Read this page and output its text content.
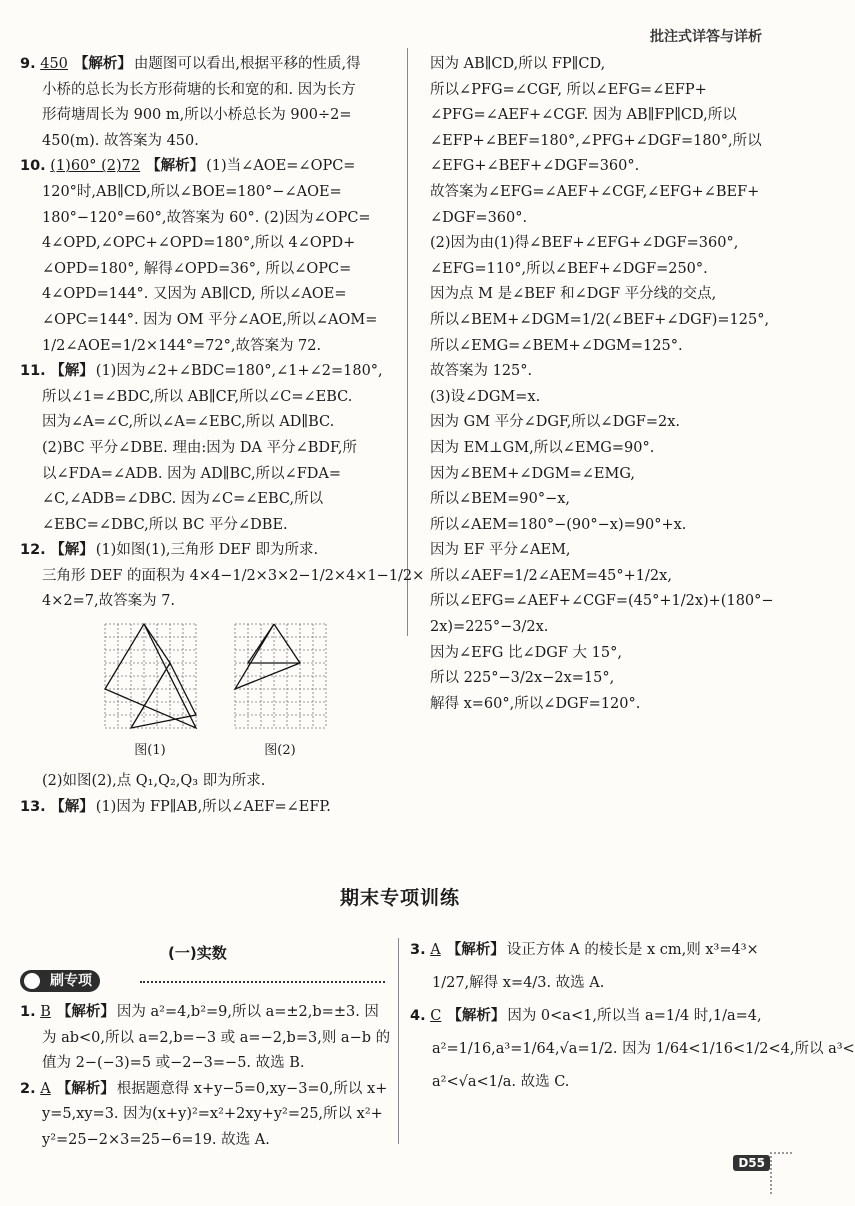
批注式详答与详析
9. 450 【解析】 由题图可以看出,根据平移的性质,得
小桥的总长为长方形荷塘的长和宽的和. 因为长方
形荷塘周长为 900 m,所以小桥总长为 900÷2=
450(m). 故答案为 450.
10. (1)60° (2)72 【解析】 (1)当∠AOE=∠OPC=
120°时,AB∥CD,所以∠BOE=180°−∠AOE=
180°−120°=60°,故答案为 60°. (2)因为∠OPC=
4∠OPD,∠OPC+∠OPD=180°,所以 4∠OPD+
∠OPD=180°, 解得∠OPD=36°, 所以∠OPC=
4∠OPD=144°. 又因为 AB∥CD, 所以∠AOE=
∠OPC=144°. 因为 OM 平分∠AOE,所以∠AOM=
1/2∠AOE=1/2×144°=72°,故答案为 72.
11. 【解】 (1)因为∠2+∠BDC=180°,∠1+∠2=180°,
所以∠1=∠BDC,所以 AB∥CF,所以∠C=∠EBC.
因为∠A=∠C,所以∠A=∠EBC,所以 AD∥BC.
(2)BC 平分∠DBE. 理由:因为 DA 平分∠BDF,所
以∠FDA=∠ADB. 因为 AD∥BC,所以∠FDA=
∠C,∠ADB=∠DBC. 因为∠C=∠EBC,所以
∠EBC=∠DBC,所以 BC 平分∠DBE.
12. 【解】 (1)如图(1),三角形 DEF 即为所求.
三角形 DEF 的面积为 4×4−1/2×3×2−1/2×4×1−1/2×
4×2=7,故答案为 7.
图(1)	图(2)
(2)如图(2),点 Q₁,Q₂,Q₃ 即为所求.
13. 【解】 (1)因为 FP∥AB,所以∠AEF=∠EFP.
因为 AB∥CD,所以 FP∥CD,
所以∠PFG=∠CGF, 所以∠EFG=∠EFP+
∠PFG=∠AEF+∠CGF. 因为 AB∥FP∥CD,所以
∠EFP+∠BEF=180°,∠PFG+∠DGF=180°,所以
∠EFG+∠BEF+∠DGF=360°.
故答案为∠EFG=∠AEF+∠CGF,∠EFG+∠BEF+
∠DGF=360°.
(2)因为由(1)得∠BEF+∠EFG+∠DGF=360°,
∠EFG=110°,所以∠BEF+∠DGF=250°.
因为点 M 是∠BEF 和∠DGF 平分线的交点,
所以∠BEM+∠DGM=1/2(∠BEF+∠DGF)=125°,
所以∠EMG=∠BEM+∠DGM=125°.
故答案为 125°.
(3)设∠DGM=x.
因为 GM 平分∠DGF,所以∠DGF=2x.
因为 EM⊥GM,所以∠EMG=90°.
因为∠BEM+∠DGM=∠EMG,
所以∠BEM=90°−x,
所以∠AEM=180°−(90°−x)=90°+x.
因为 EF 平分∠AEM,
所以∠AEF=1/2∠AEM=45°+1/2x,
所以∠EFG=∠AEF+∠CGF=(45°+1/2x)+(180°−
2x)=225°−3/2x.
因为∠EFG 比∠DGF 大 15°,
所以 225°−3/2x−2x=15°,
解得 x=60°,所以∠DGF=120°.
期末专项训练
(一)实数
刷专项
1. B 【解析】 因为 a²=4,b²=9,所以 a=±2,b=±3. 因
为 ab<0,所以 a=2,b=−3 或 a=−2,b=3,则 a−b 的
值为 2−(−3)=5 或−2−3=−5. 故选 B.
2. A 【解析】 根据题意得 x+y−5=0,xy−3=0,所以 x+
y=5,xy=3. 因为(x+y)²=x²+2xy+y²=25,所以 x²+
y²=25−2×3=25−6=19. 故选 A.
3. A 【解析】 设正方体 A 的棱长是 x cm,则 x³=4³×
1/27,解得 x=4/3. 故选 A.
4. C 【解析】 因为 0<a<1,所以当 a=1/4 时,1/a=4,
a²=1/16,a³=1/64,√a=1/2. 因为 1/64<1/16<1/2<4,所以 a³<
a²<√a<1/a. 故选 C.
D55
